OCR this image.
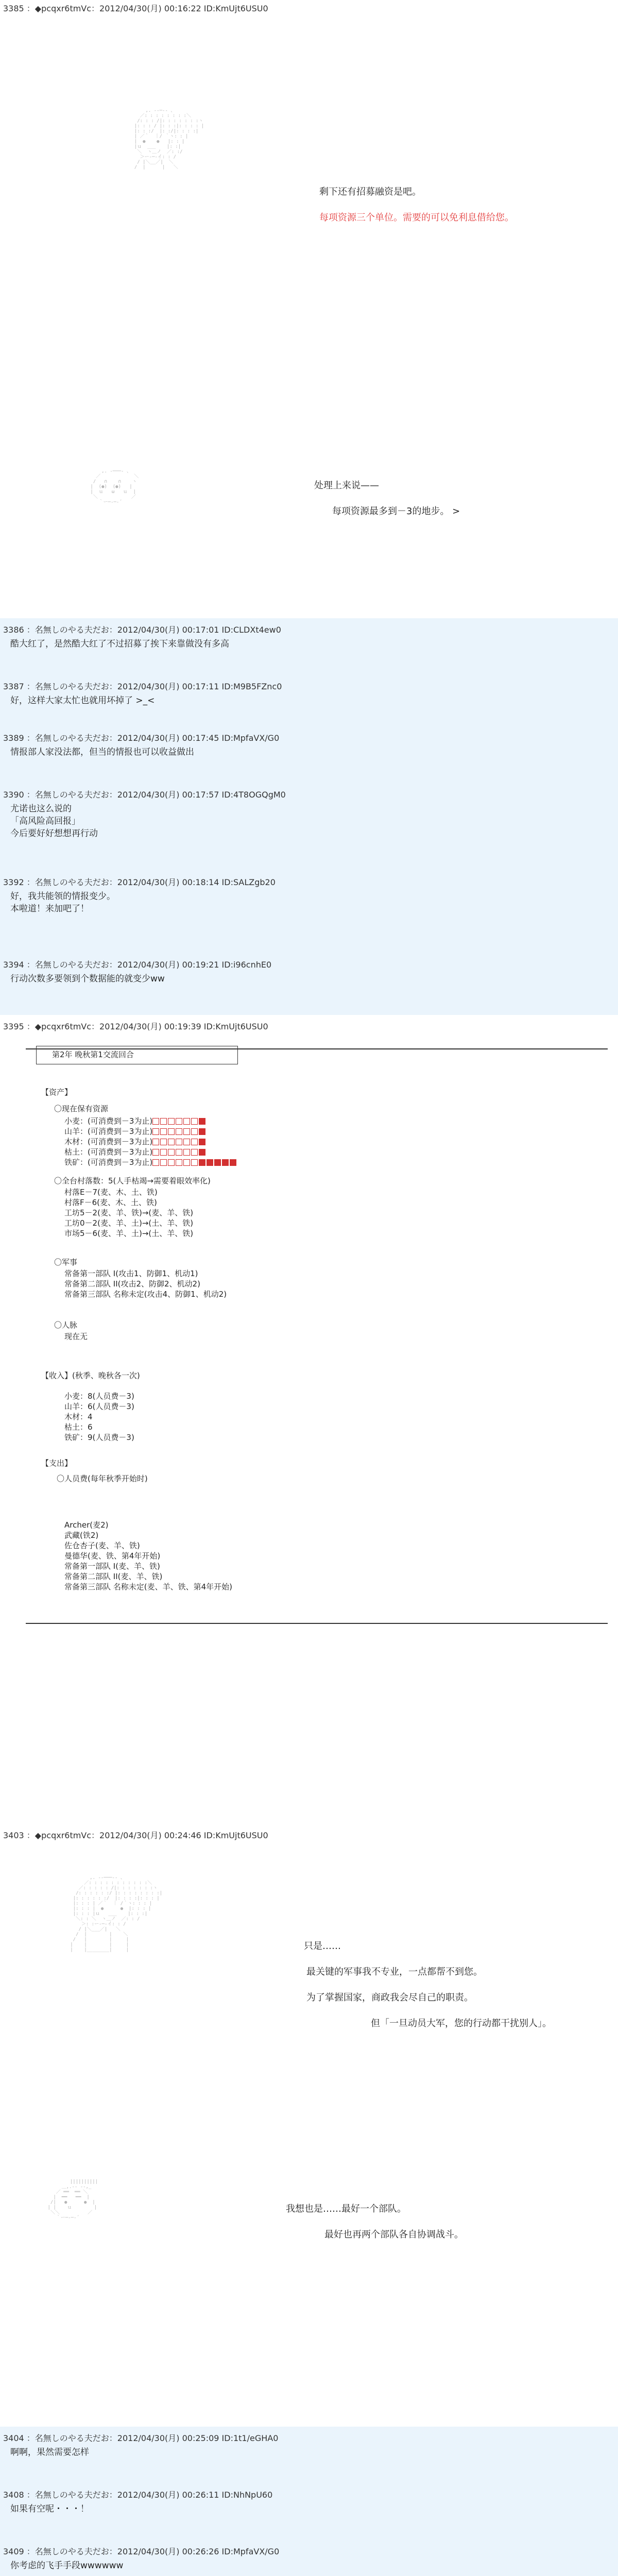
3385 ：◆pcqxr6tmVc：2012/04/30(月) 00:16:22 ID:KmUjt6USU0

,. -‐─‐- 、
／: : : : : : : :＼
/: : : /|: : : : : : :ヽ
|: : : / |: : :|: : : : |
|: : :/  |: :/|: : : :|
| ／｀  ｜/ ｀ヽ: : |
|  ●    ●   |: : |
|ｕ  ___    |: :|
＼  ヽ＿ノ  ／: :/
＞ー‐─‐イ: : /
/ |＼__／|  ＼
/  |      |   ＼

剩下还有招募融资是吧。
每项资源三个单位。需要的可以免利息借给您。

,. -───- 、
／            ＼
/   ∩    ∩    ヽ
|  (●)  (●)   |
|  ｕ   ω   ｕ  |
＼            ／
｀ー─‐─‐´

处理上来说——
每项资源最多到－3的地步。 >
3386 ：名無しのやる夫だお：2012/04/30(月) 00:17:01 ID:CLDXt4ew0
酷大红了，是然酷大红了不过招募了挨下来靠做没有多高
3387 ：名無しのやる夫だお：2012/04/30(月) 00:17:11 ID:M9B5FZnc0
好，这样大家太忙也就用坏掉了 >_<
3389 ：名無しのやる夫だお：2012/04/30(月) 00:17:45 ID:MpfaVX/G0
情报部人家没法都，但当的情报也可以收益做出
3390 ：名無しのやる夫だお：2012/04/30(月) 00:17:57 ID:4T8OGQgM0
尤诺也这么说的
「高风险高回报」
今后要好好想想再行动
3392 ：名無しのやる夫だお：2012/04/30(月) 00:18:14 ID:SALZgb20
好，我共能领的情报变少。
本啦道！来加吧了！
3394 ：名無しのやる夫だお：2012/04/30(月) 00:19:21 ID:i96cnhE0
行动次数多要领到个数据能的就变少ww
3395 ：◆pcqxr6tmVc：2012/04/30(月) 00:19:39 ID:KmUjt6USU0
第2年 晚秋第1交流回合
【资产】
〇现在保有资源
小麦：(可消费到－3为止)
山羊：(可消费到－3为止)
木材：(可消费到－3为止)
枯土：(可消费到－3为止)
铁矿：(可消费到－3为止)
〇全台村落数：5(人手枯竭→需要着眼效率化)
村落E－7(麦、木、土、铁)
村落F－6(麦、木、土、铁)
工坊5－2(麦、羊、铁)→(麦、羊、铁)
工坊0－2(麦、羊、土)→(土、羊、铁)
市场5－6(麦、羊、土)→(土、羊、铁)
〇军事
常备第一部队 I(攻击1、防御1、机动1)
常备第二部队 II(攻击2、防御2、机动2)
常备第三部队 名称未定(攻击4、防御1、机动2)
〇人脉
现在无
【收入】(秋季、晚秋各一次)
小麦：8(人员费－3)
山羊：6(人员费－3)
木材：4
枯土：6
铁矿：9(人员费－3)
【支出】
〇人员费(每年秋季开始时)
Archer(麦2)
武藏(铁2)
佐仓杏子(麦、羊、铁)
曼德华(麦、铁、第4年开始)
常备第一部队 I(麦、羊、铁)
常备第二部队 II(麦、羊、铁)
常备第三部队 名称未定(麦、羊、铁、第4年开始)
3403 ：◆pcqxr6tmVc：2012/04/30(月) 00:24:46 ID:KmUjt6USU0

,. -‐───‐- 、
／: : : : : : : : : : :＼
／: : : : : /|: : : : : : :ヽ
/: : : : : :/ |: : : : : : : :|
|: : : : : :/  |: : : :|: : : |
|: : : | ／｀  ｜ /｀ヽ: : : |
|: : : |  ●      ●  |: : : |
|: : : |ｕ   ___    |: : :|
＼: : ＼  ヽ＿ノ  ／: : /
＞: :ー‐─‐イ: : /
/ |＼___／|   ＼
/  |        |    ＼
/   |        |     |
|    |        |     |
|    |________|     |
	只是……
最关键的军事我不专业，一点都帮不到您。
为了掌握国家，商政我会尽自己的职责。
但「一旦动员大军，您的行动都干扰别人」。

||||||||||
＿,.-‐ ‐-,_
／ ══  ══ ＼
|  ━━   ━━  |
/|   ●      ●  |
| |    ｕ        |
＼＼          ／
｀ー─‐─‐´

我想也是……最好一个部队。
最好也再两个部队各自协调战斗。
3404 ：名無しのやる夫だお：2012/04/30(月) 00:25:09 ID:1t1/eGHA0
啊啊，果然需要怎样
3408 ：名無しのやる夫だお：2012/04/30(月) 00:26:11 ID:NhNpU60
如果有空呢・・・！
3409 ：名無しのやる夫だお：2012/04/30(月) 00:26:26 ID:MpfaVX/G0
你考虑的飞手手段wwwwww
